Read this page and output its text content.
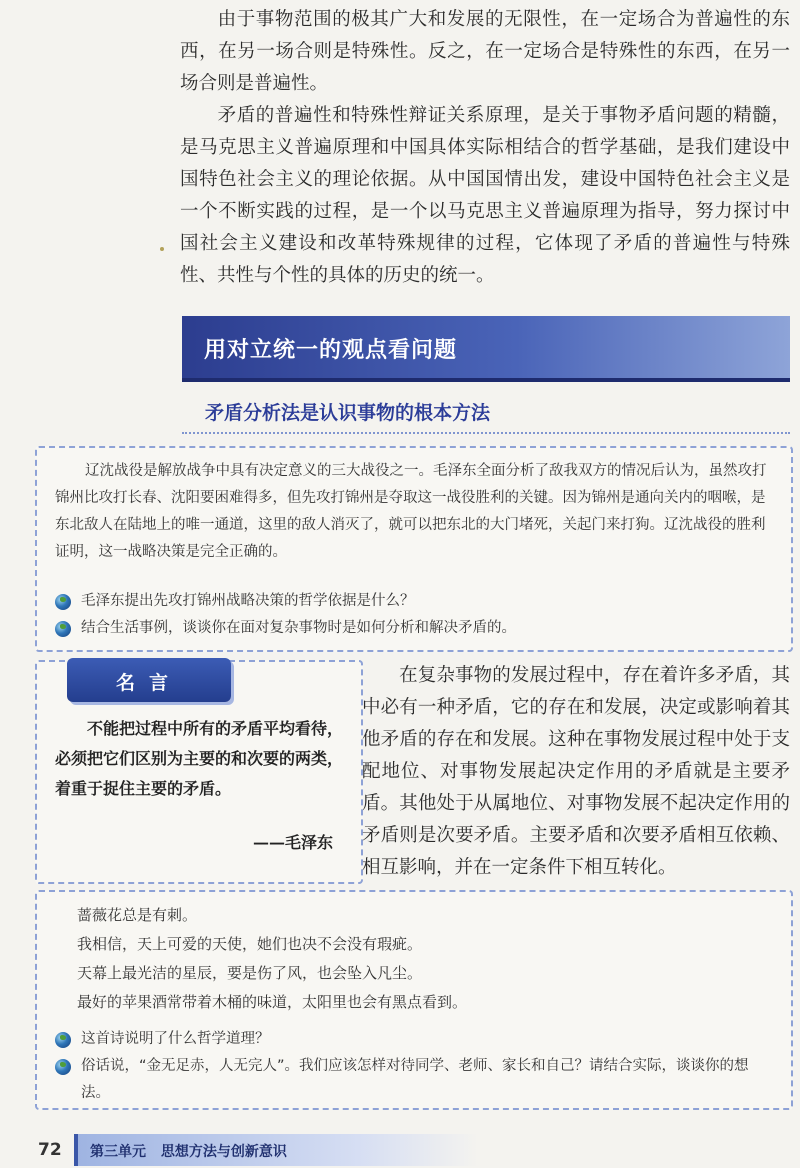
由于事物范围的极其广大和发展的无限性，在一定场合为普遍性的东西，在另一场合则是特殊性。反之，在一定场合是特殊性的东西，在另一场合则是普遍性。

矛盾的普遍性和特殊性辩证关系原理，是关于事物矛盾问题的精髓，是马克思主义普遍原理和中国具体实际相结合的哲学基础，是我们建设中国特色社会主义的理论依据。从中国国情出发，建设中国特色社会主义是一个不断实践的过程，是一个以马克思主义普遍原理为指导，努力探讨中国社会主义建设和改革特殊规律的过程，它体现了矛盾的普遍性与特殊性、共性与个性的具体的历史的统一。

用对立统一的观点看问题
矛盾分析法是认识事物的根本方法

辽沈战役是解放战争中具有决定意义的三大战役之一。毛泽东全面分析了敌我双方的情况后认为，虽然攻打锦州比攻打长春、沈阳要困难得多，但先攻打锦州是夺取这一战役胜利的关键。因为锦州是通向关内的咽喉，是东北敌人在陆地上的唯一通道，这里的敌人消灭了，就可以把东北的大门堵死，关起门来打狗。辽沈战役的胜利证明，这一战略决策是完全正确的。

毛泽东提出先攻打锦州战略决策的哲学依据是什么？
结合生活事例，谈谈你在面对复杂事物时是如何分析和解决矛盾的。
名言

不能把过程中所有的矛盾平均看待，必须把它们区别为主要的和次要的两类，着重于捉住主要的矛盾。

——毛泽东

在复杂事物的发展过程中，存在着许多矛盾，其中必有一种矛盾，它的存在和发展，决定或影响着其他矛盾的存在和发展。这种在事物发展过程中处于支配地位、对事物发展起决定作用的矛盾就是主要矛盾。其他处于从属地位、对事物发展不起决定作用的矛盾则是次要矛盾。主要矛盾和次要矛盾相互依赖、相互影响，并在一定条件下相互转化。

蔷薇花总是有刺。
我相信，天上可爱的天使，她们也决不会没有瑕疵。
天幕上最光洁的星辰，要是伤了风，也会坠入凡尘。
最好的苹果酒常带着木桶的味道，太阳里也会有黑点看到。
这首诗说明了什么哲学道理？
俗话说，“金无足赤，人无完人”。我们应该怎样对待同学、老师、家长和自己？请结合实际，谈谈你的想法。
72 第三单元 思想方法与创新意识
